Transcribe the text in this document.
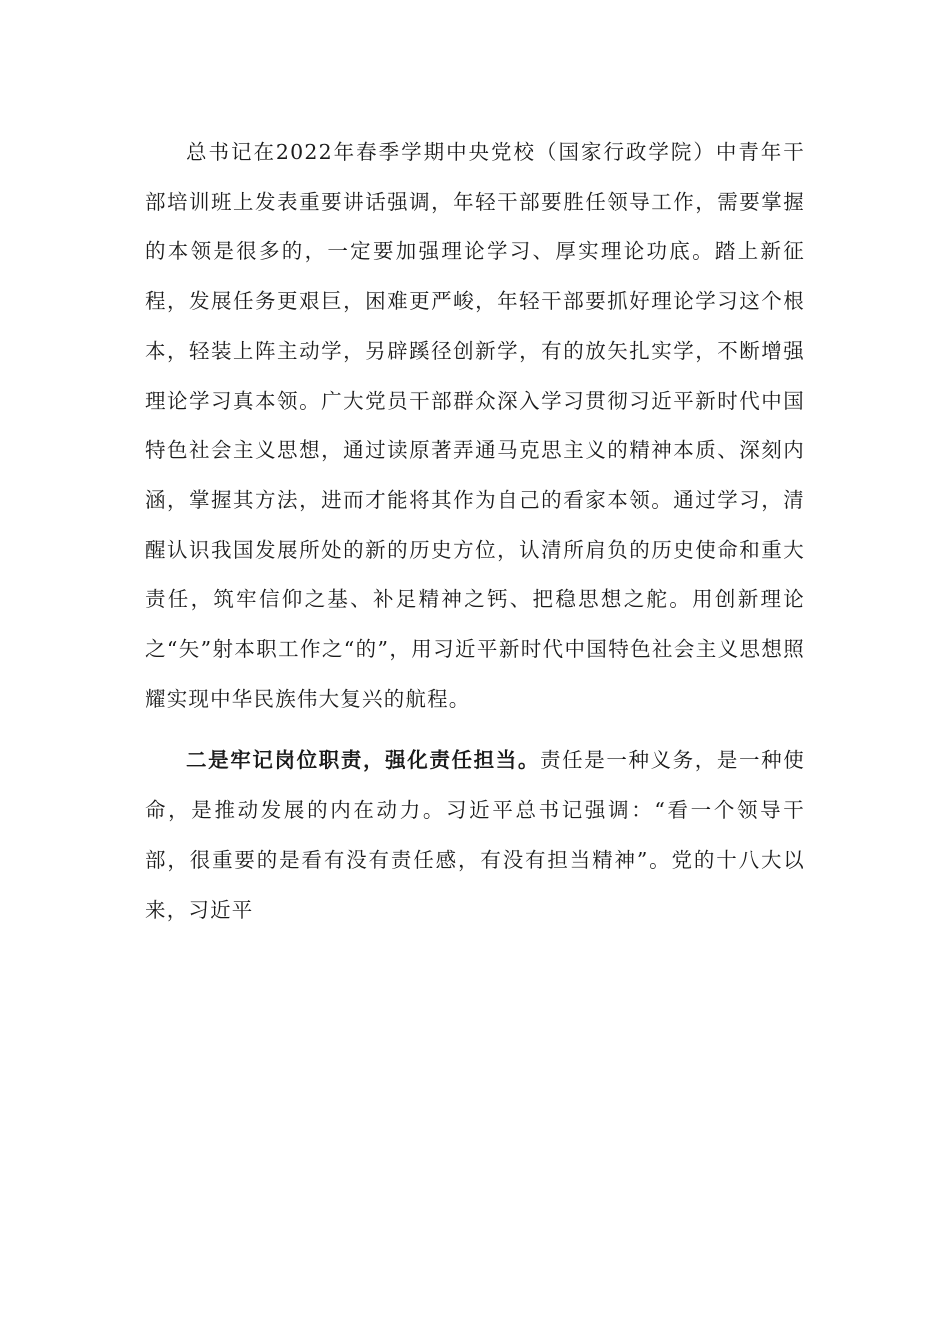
总书记在2022年春季学期中央党校（国家行政学院）中青年干部培训班上发表重要讲话强调，年轻干部要胜任领导工作，需要掌握的本领是很多的，一定要加强理论学习、厚实理论功底。踏上新征程，发展任务更艰巨，困难更严峻，年轻干部要抓好理论学习这个根本，轻装上阵主动学，另辟蹊径创新学，有的放矢扎实学，不断增强理论学习真本领。广大党员干部群众深入学习贯彻习近平新时代中国特色社会主义思想，通过读原著弄通马克思主义的精神本质、深刻内涵，掌握其方法，进而才能将其作为自己的看家本领。通过学习，清醒认识我国发展所处的新的历史方位，认清所肩负的历史使命和重大责任，筑牢信仰之基、补足精神之钙、把稳思想之舵。用创新理论之“矢”射本职工作之“的”，用习近平新时代中国特色社会主义思想照耀实现中华民族伟大复兴的航程。

二是牢记岗位职责，强化责任担当。责任是一种义务，是一种使命，是推动发展的内在动力。习近平总书记强调：“看一个领导干部，很重要的是看有没有责任感，有没有担当精神”。党的十八大以来，习近平
